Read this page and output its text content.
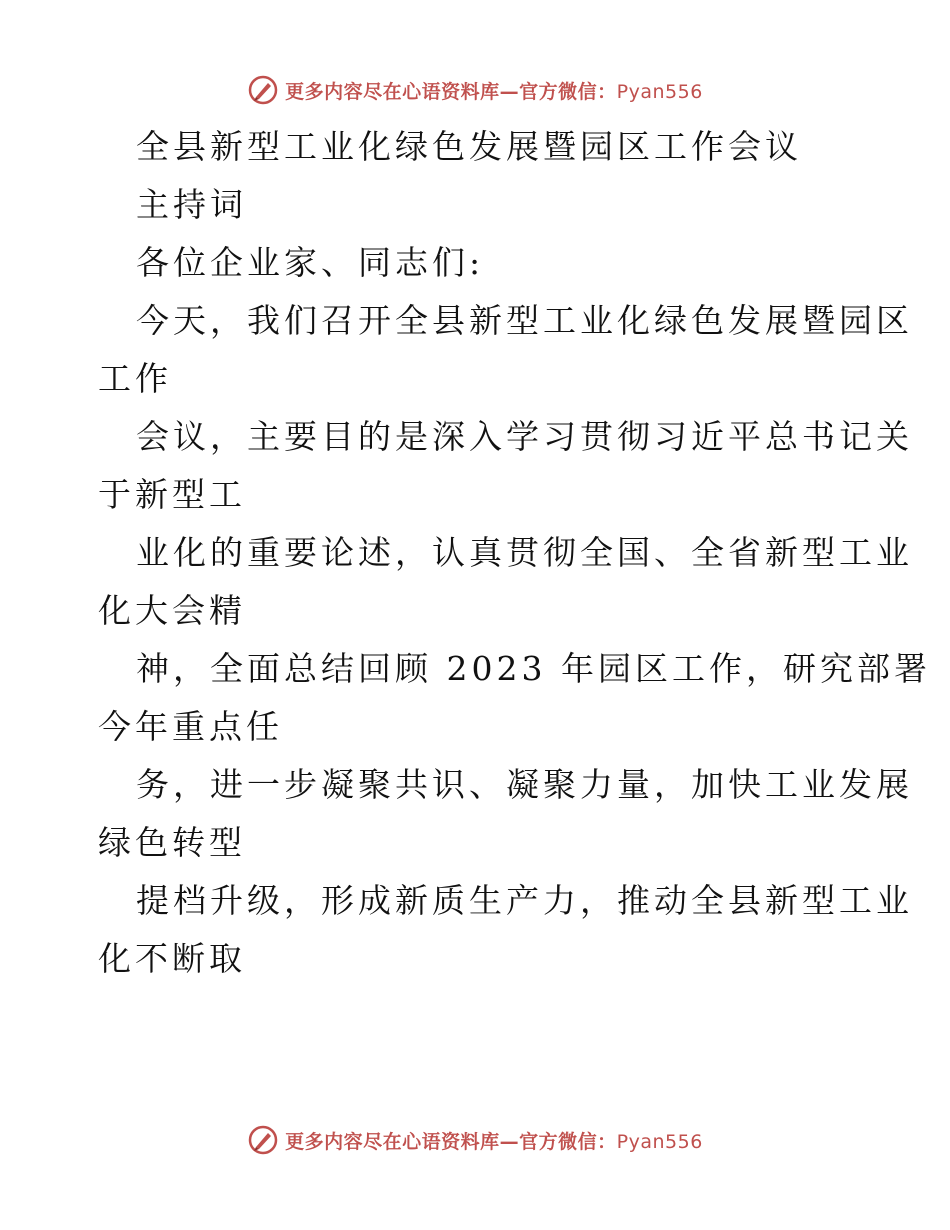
更多内容尽在心语资料库—官方微信：Pyan556
全县新型工业化绿色发展暨园区工作会议
主持词
各位企业家、同志们:
今天，我们召开全县新型工业化绿色发展暨园区
工作
会议，主要目的是深入学习贯彻习近平总书记关
于新型工
业化的重要论述，认真贯彻全国、全省新型工业
化大会精
神，全面总结回顾 2023 年园区工作，研究部署
今年重点任
务，进一步凝聚共识、凝聚力量，加快工业发展
绿色转型
提档升级，形成新质生产力，推动全县新型工业
化不断取
更多内容尽在心语资料库—官方微信：Pyan556
